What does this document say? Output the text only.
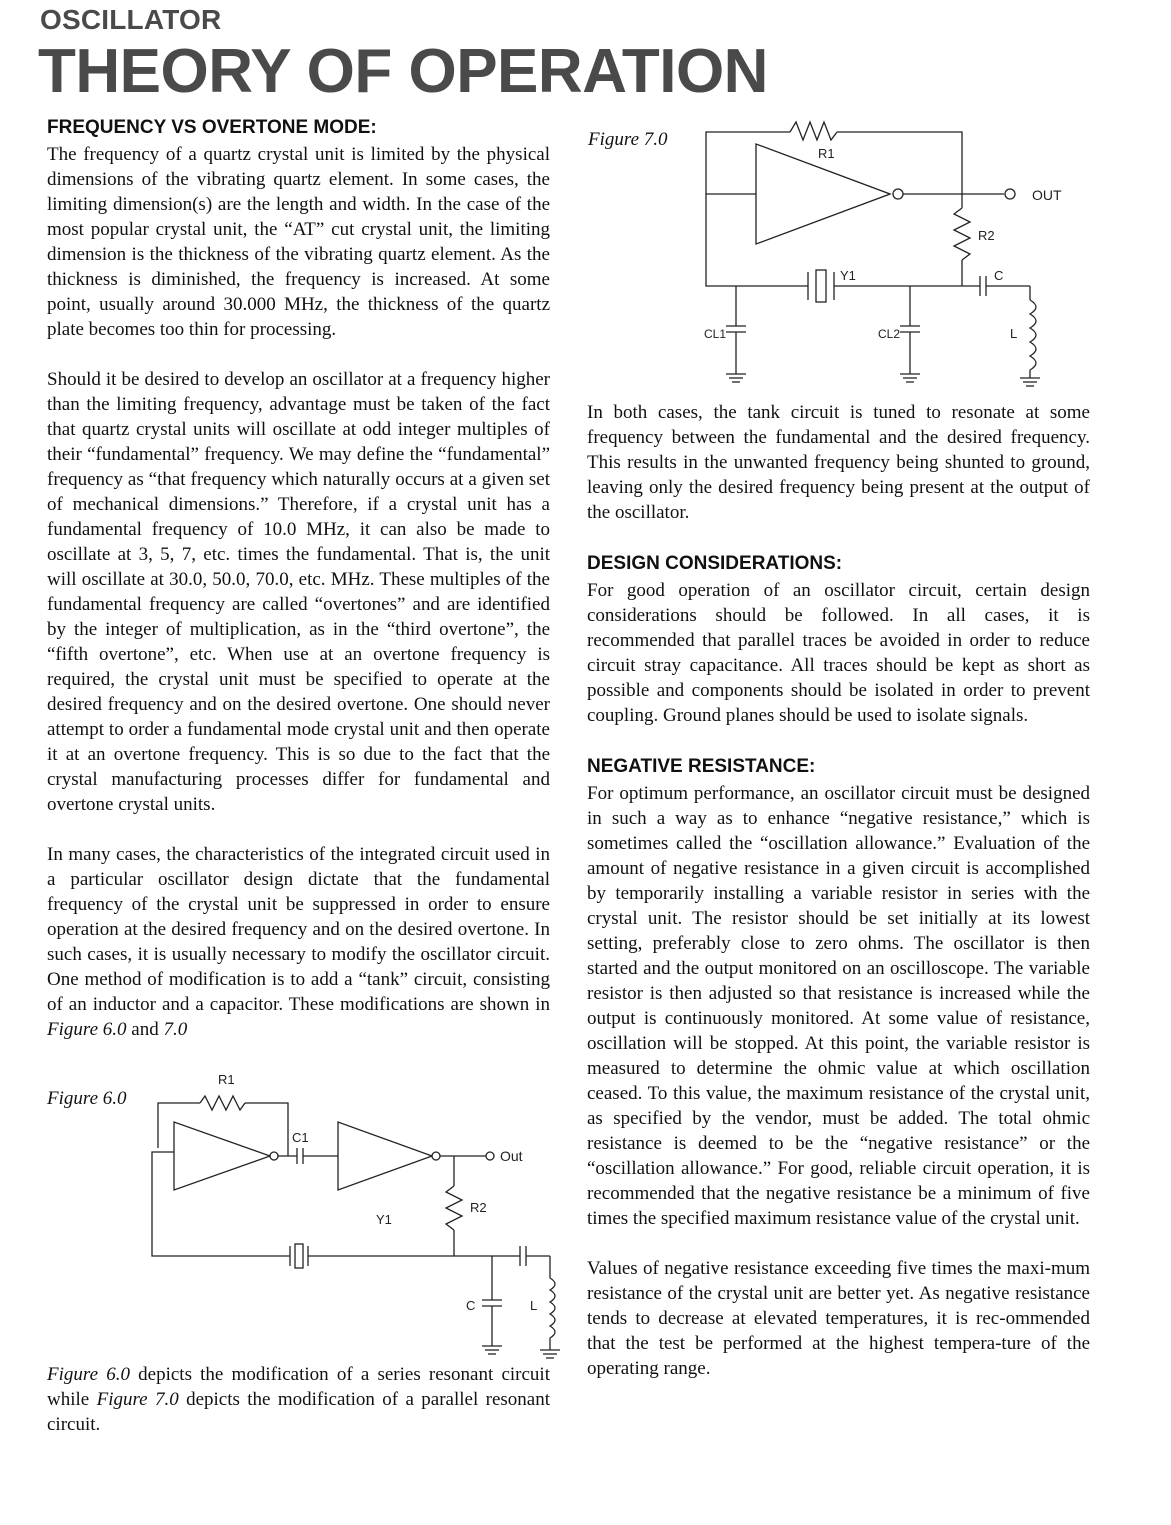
OSCILLATOR
THEORY OF OPERATION
FREQUENCY VS OVERTONE MODE:

The frequency of a quartz crystal unit is limited by the physical dimensions of the vibrating quartz element. In some cases, the limiting dimension(s) are the length and width. In the case of the most popular crystal unit, the “AT” cut crystal unit, the limiting dimension is the thickness of the vibrating quartz element. As the thickness is diminished, the frequency is increased. At some point, usually around 30.000 MHz, the thickness of the quartz plate becomes too thin for processing.

Should it be desired to develop an oscillator at a frequency higher than the limiting frequency, advantage must be taken of the fact that quartz crystal units will oscillate at odd integer multiples of their “fundamental” frequency. We may define the “fundamental” frequency as “that frequency which naturally occurs at a given set of mechanical dimensions.” Therefore, if a crystal unit has a fundamental frequency of 10.0 MHz, it can also be made to oscillate at 3, 5, 7, etc. times the fundamental. That is, the unit will oscillate at 30.0, 50.0, 70.0, etc. MHz. These multiples of the fundamental frequency are called “overtones” and are identified by the integer of multiplication, as in the “third overtone”, the “fifth overtone”, etc. When use at an overtone frequency is required, the crystal unit must be specified to operate at the desired frequency and on the desired overtone. One should never attempt to order a fundamental mode crystal unit and then operate it at an overtone frequency. This is so due to the fact that the crystal manufacturing processes differ for fundamental and overtone crystal units.

In many cases, the characteristics of the integrated circuit used in a particular oscillator design dictate that the fundamental frequency of the crystal unit be suppressed in order to ensure operation at the desired frequency and on the desired overtone. In such cases, it is usually necessary to modify the oscillator circuit. One method of modification is to add a “tank” circuit, consisting of an inductor and a capacitor. These modifications are shown in Figure 6.0 and 7.0

Figure 6.0
R1
C1
Out
R2
Y1
C	L
Figure 6.0 depicts the modification of a series resonant circuit while Figure 7.0 depicts the modification of a parallel resonant circuit.
Figure 7.0
R1
OUT
R2
Y1	C
CL1	CL2	L

In both cases, the tank circuit is tuned to resonate at some frequency between the fundamental and the desired frequency. This results in the unwanted frequency being shunted to ground, leaving only the desired frequency being present at the output of the oscillator.

DESIGN CONSIDERATIONS:

For good operation of an oscillator circuit, certain design considerations should be followed. In all cases, it is recommended that parallel traces be avoided in order to reduce circuit stray capacitance. All traces should be kept as short as possible and components should be isolated in order to prevent coupling. Ground planes should be used to isolate signals.

NEGATIVE RESISTANCE:

For optimum performance, an oscillator circuit must be designed in such a way as to enhance “negative resistance,” which is sometimes called the “oscillation allowance.” Evaluation of the amount of negative resistance in a given circuit is accomplished by temporarily installing a variable resistor in series with the crystal unit. The resistor should be set initially at its lowest setting, preferably close to zero ohms. The oscillator is then started and the output monitored on an oscilloscope. The variable resistor is then adjusted so that resistance is increased while the output is continuously monitored. At some value of resistance, oscillation will be stopped. At this point, the variable resistor is measured to determine the ohmic value at which oscillation ceased. To this value, the maximum resistance of the crystal unit, as specified by the vendor, must be added. The total ohmic resistance is deemed to be the “negative resistance” or the “oscillation allowance.” For good, reliable circuit operation, it is recommended that the negative resistance be a minimum of five times the specified maximum resistance value of the crystal unit.

Values of negative resistance exceeding five times the maxi-mum resistance of the crystal unit are better yet. As negative resistance tends to decrease at elevated temperatures, it is rec-ommended that the test be performed at the highest tempera-ture of the operating range.
